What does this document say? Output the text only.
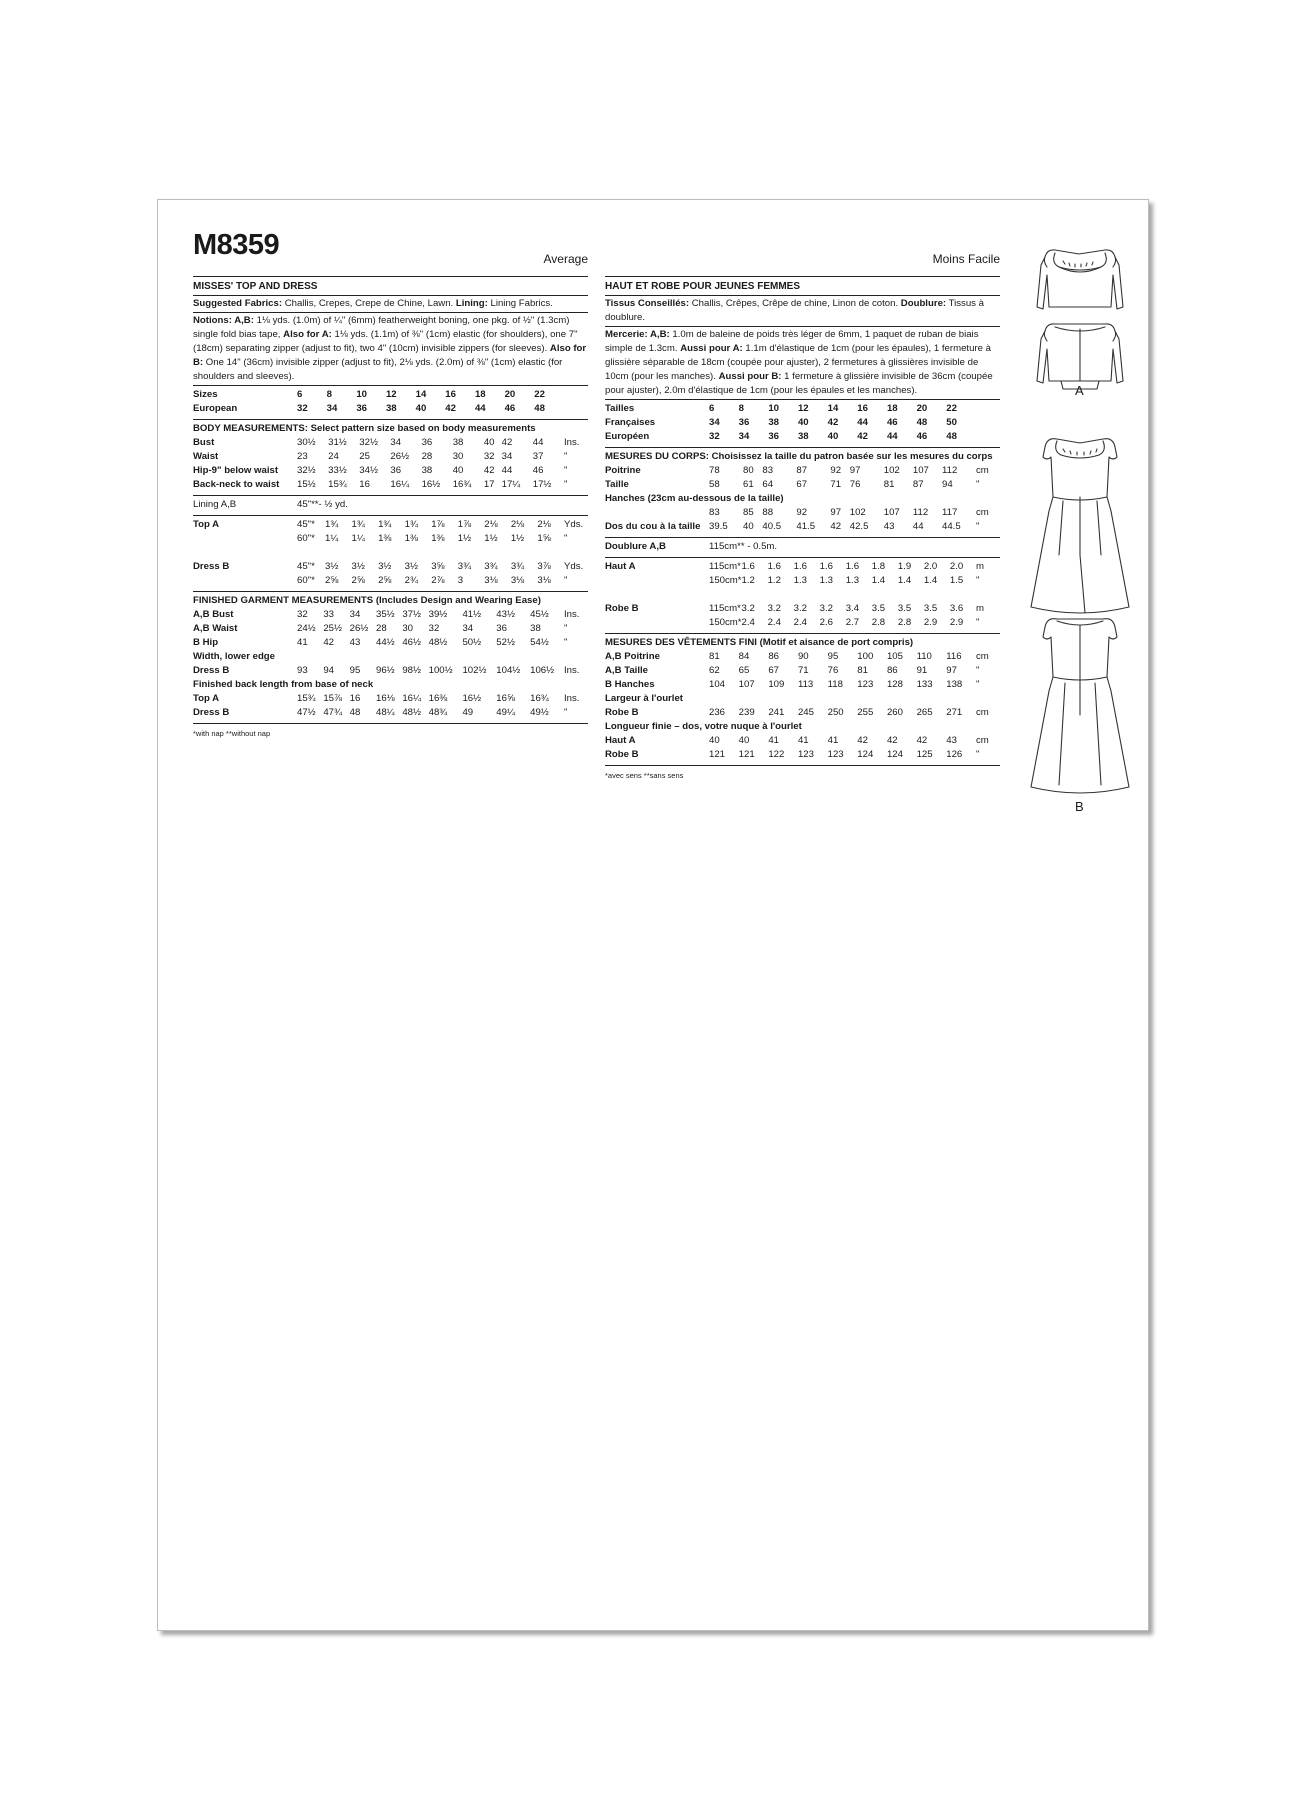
M8359	Average
MISSES' TOP AND DRESS
Suggested Fabrics: Challis, Crepes, Crepe de Chine, Lawn. Lining: Lining Fabrics.
Notions: A,B: 1⅛ yds. (1.0m) of ¼" (6mm) featherweight boning, one pkg. of ½" (1.3cm) single fold bias tape, Also for A: 1⅛ yds. (1.1m) of ⅜" (1cm) elastic (for shoulders), one 7" (18cm) separating zipper (adjust to fit), two 4" (10cm) invisible zippers (for sleeves). Also for B: One 14" (36cm) invisible zipper (adjust to fit), 2⅛ yds. (2.0m) of ⅜" (1cm) elastic (for shoulders and sleeves).
Sizes	6	8	10	12	14	16	18	20	22	
European	32	34	36	38	40	42	44	46	48	
BODY MEASUREMENTS: Select pattern size based on body measurements
Bust	30½	31½	32½	34	36	38	40	42	44	Ins.
Waist	23	24	25	26½	28	30	32	34	37	"
Hip-9" below waist	32½	33½	34½	36	38	40	42	44	46	"
Back-neck to waist	15½	15¾	16	16¼	16½	16¾	17	17¼	17½	"
Lining A,B	45"**- ½ yd.
Top A	45"*	1¾	1¾	1¾	1¾	1⅞	1⅞	2⅛	2⅛	2⅛	Yds.
	60"*	1¼	1¼	1⅜	1⅜	1⅜	1½	1½	1½	1⅝	"

Dress B	45"*	3½	3½	3½	3½	3⅝	3¾	3¾	3¾	3⅞	Yds.
	60"*	2⅝	2⅝	2⅝	2¾	2⅞	3	3⅛	3⅛	3⅛	"
FINISHED GARMENT MEASUREMENTS (Includes Design and Wearing Ease)
A,B Bust	32	33	34	35½	37½	39½	41½	43½	45½	Ins.
A,B Waist	24½	25½	26½	28	30	32	34	36	38	"
B Hip	41	42	43	44½	46½	48½	50½	52½	54½	"
Width, lower edge										
Dress B	93	94	95	96½	98½	100½	102½	104½	106½	Ins.
Finished back length from base of neck										
Top A	15¾	15⅞	16	16⅛	16¼	16⅜	16½	16⅝	16¾	Ins.
Dress B	47½	47¾	48	48¼	48½	48¾	49	49¼	49½	"
*with nap **without nap
Moins Facile
HAUT ET ROBE POUR JEUNES FEMMES
Tissus Conseillés: Challis, Crêpes, Crêpe de chine, Linon de coton. Doublure: Tissus à doublure.
Mercerie: A,B: 1.0m de baleine de poids très léger de 6mm, 1 paquet de ruban de biais simple de 1.3cm. Aussi pour A: 1.1m d'élastique de 1cm (pour les épaules), 1 fermeture à glissière séparable de 18cm (coupée pour ajuster), 2 fermetures à glissières invisible de 10cm (pour les manches). Aussi pour B: 1 fermeture à glissière invisible de 36cm (coupée pour ajuster), 2.0m d'élastique de 1cm (pour les épaules et les manches).
Tailles	6	8	10	12	14	16	18	20	22	
Françaises	34	36	38	40	42	44	46	48	50	
Européen	32	34	36	38	40	42	44	46	48	
MESURES DU CORPS: Choisissez la taille du patron basée sur les mesures du corps
Poitrine	78	80	83	87	92	97	102	107	112	cm
Taille	58	61	64	67	71	76	81	87	94	"
Hanches (23cm au-dessous de la taille)										
	83	85	88	92	97	102	107	112	117	cm
Dos du cou à la taille	39.5	40	40.5	41.5	42	42.5	43	44	44.5	"
Doublure A,B	115cm** - 0.5m.
Haut A	115cm*	1.6	1.6	1.6	1.6	1.6	1.8	1.9	2.0	2.0	m
	150cm*	1.2	1.2	1.3	1.3	1.3	1.4	1.4	1.4	1.5	"

Robe B	115cm*	3.2	3.2	3.2	3.2	3.4	3.5	3.5	3.5	3.6	m
	150cm*	2.4	2.4	2.4	2.6	2.7	2.8	2.8	2.9	2.9	"
MESURES DES VÊTEMENTS FINI (Motif et aisance de port compris)
A,B Poitrine	81	84	86	90	95	100	105	110	116	cm
A,B Taille	62	65	67	71	76	81	86	91	97	"
B Hanches	104	107	109	113	118	123	128	133	138	"
Largeur à l'ourlet										
Robe B	236	239	241	245	250	255	260	265	271	cm
Longueur finie – dos, votre nuque à l'ourlet										
Haut A	40	40	41	41	41	42	42	42	43	cm
Robe B	121	121	122	123	123	124	124	125	126	"
*avec sens **sans sens
A
B
